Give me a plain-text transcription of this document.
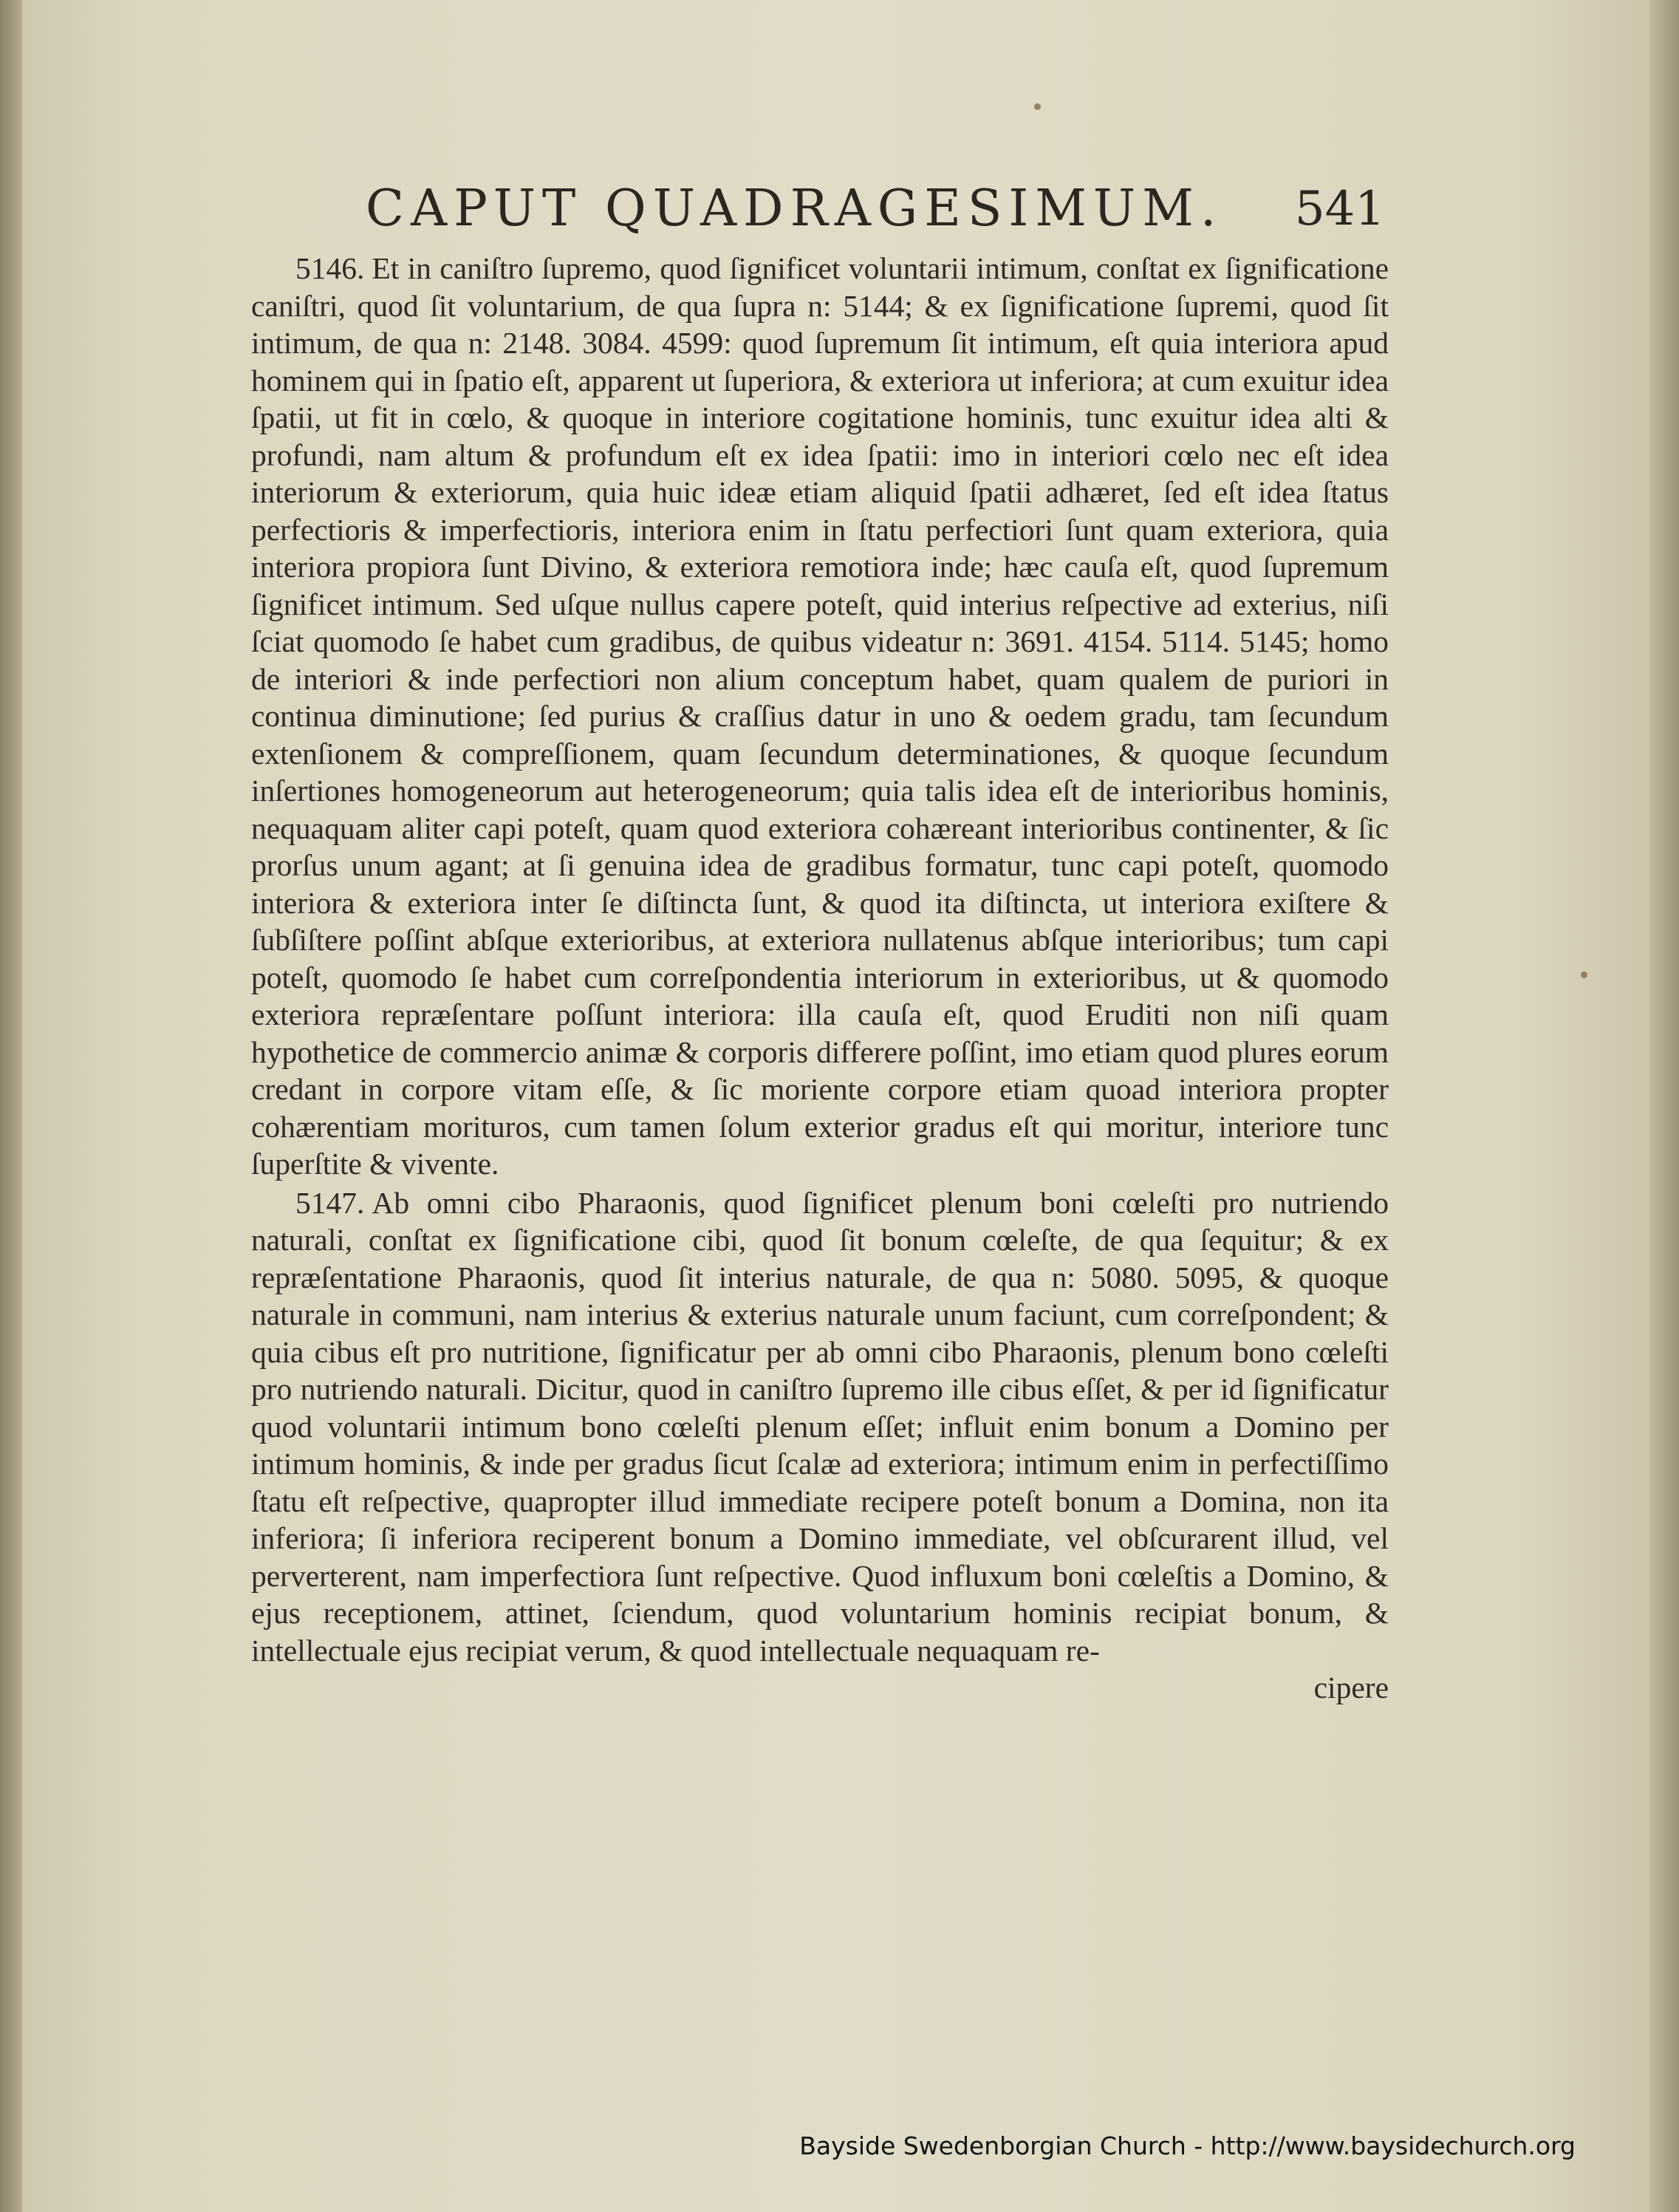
CAPUT QUADRAGESIMUM. 541

5146. Et in caniſtro ſupremo, quod ſignificet voluntarii intimum, conſtat ex ſignificatione caniſtri, quod ſit voluntarium, de qua ſupra n: 5144; & ex ſignificatione ſupremi, quod ſit intimum, de qua n: 2148. 3084. 4599: quod ſupremum ſit intimum, eſt quia interiora apud hominem qui in ſpatio eſt, apparent ut ſuperiora, & exteriora ut inferiora; at cum exuitur idea ſpatii, ut fit in cœlo, & quoque in interiore cogitatione hominis, tunc exuitur idea alti & profundi, nam altum & profundum eſt ex idea ſpatii: imo in interiori cœlo nec eſt idea interiorum & exteriorum, quia huic ideæ etiam aliquid ſpatii adhæret, ſed eſt idea ſtatus perfectioris & imperfectioris, interiora enim in ſtatu perfectiori ſunt quam exteriora, quia interiora propiora ſunt Divino, & exteriora remotiora inde; hæc cauſa eſt, quod ſupremum ſignificet intimum. Sed uſque nullus capere poteſt, quid interius reſpective ad exterius, niſi ſciat quomodo ſe habet cum gradibus, de quibus videatur n: 3691. 4154. 5114. 5145; homo de interiori & inde perfectiori non alium conceptum habet, quam qualem de puriori in continua diminutione; ſed purius & craſſius datur in uno & oedem gradu, tam ſecundum extenſionem & compreſſionem, quam ſecundum determinationes, & quoque ſecundum inſertiones homogeneorum aut heterogeneorum; quia talis idea eſt de interioribus hominis, nequaquam aliter capi poteſt, quam quod exteriora cohæreant interioribus continenter, & ſic prorſus unum agant; at ſi genuina idea de gradibus formatur, tunc capi poteſt, quomodo interiora & exteriora inter ſe diſtincta ſunt, & quod ita diſtincta, ut interiora exiſtere & ſubſiſtere poſſint abſque exterioribus, at exteriora nullatenus abſque interioribus; tum capi poteſt, quomodo ſe habet cum correſpondentia interiorum in exterioribus, ut & quomodo exteriora repræſentare poſſunt interiora: illa cauſa eſt, quod Eruditi non niſi quam hypothetice de commercio animæ & corporis differere poſſint, imo etiam quod plures eorum credant in corpore vitam eſſe, & ſic moriente corpore etiam quoad interiora propter cohærentiam morituros, cum tamen ſolum exterior gradus eſt qui moritur, interiore tunc ſuperſtite & vivente.

5147. Ab omni cibo Pharaonis, quod ſignificet plenum boni cœleſti pro nutriendo naturali, conſtat ex ſignificatione cibi, quod ſit bonum cœleſte, de qua ſequitur; & ex repræſentatione Pharaonis, quod ſit interius naturale, de qua n: 5080. 5095, & quoque naturale in communi, nam interius & exterius naturale unum faciunt, cum correſpondent; & quia cibus eſt pro nutritione, ſignificatur per ab omni cibo Pharaonis, plenum bono cœleſti pro nutriendo naturali. Dicitur, quod in caniſtro ſupremo ille cibus eſſet, & per id ſignificatur quod voluntarii intimum bono cœleſti plenum eſſet; influit enim bonum a Domino per intimum hominis, & inde per gradus ſicut ſcalæ ad exteriora; intimum enim in perfectiſſimo ſtatu eſt reſpective, quapropter illud immediate recipere poteſt bonum a Domina, non ita inferiora; ſi inferiora reciperent bonum a Domino immediate, vel obſcurarent illud, vel perverterent, nam imperfectiora ſunt reſpective. Quod influxum boni cœleſtis a Domino, & ejus receptionem, attinet, ſciendum, quod voluntarium hominis recipiat bonum, & intellectuale ejus recipiat verum, & quod intellectuale nequaquam re-

cipere
Bayside Swedenborgian Church - http://www.baysidechurch.org
